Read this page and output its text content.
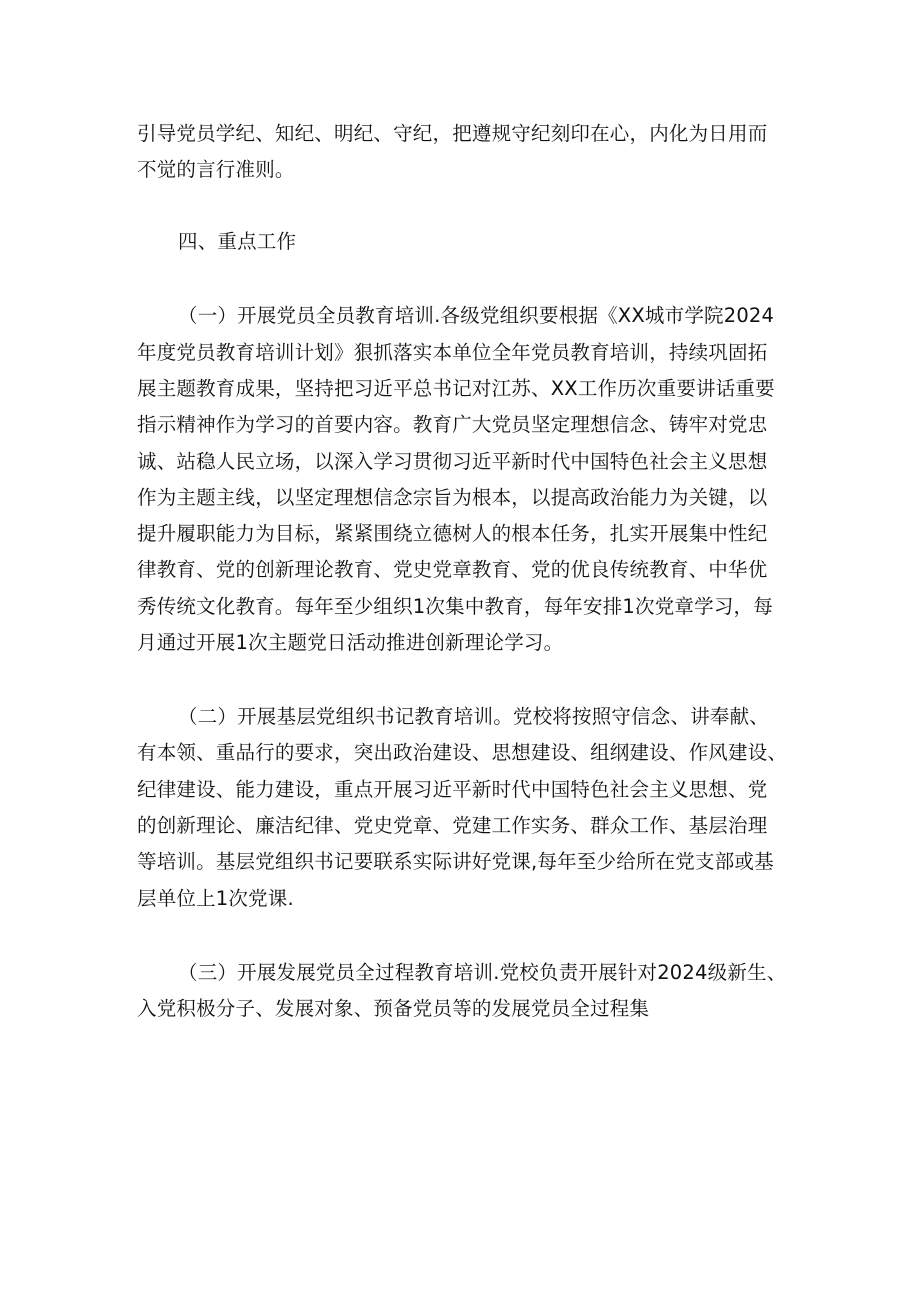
引导党员学纪、知纪、明纪、守纪，把遵规守纪刻印在心，内化为日用而
不觉的言行准则。
四、重点工作
（一）开展党员全员教育培训.各级党组织要根据《XX城市学院2024
年度党员教育培训计划》狠抓落实本单位全年党员教育培训，持续巩固拓
展主题教育成果，坚持把习近平总书记对江苏、XX工作历次重要讲话重要
指示精神作为学习的首要内容。教育广大党员坚定理想信念、铸牢对党忠
诚、站稳人民立场，以深入学习贯彻习近平新时代中国特色社会主义思想
作为主题主线，以坚定理想信念宗旨为根本，以提高政治能力为关键，以
提升履职能力为目标，紧紧围绕立德树人的根本任务，扎实开展集中性纪
律教育、党的创新理论教育、党史党章教育、党的优良传统教育、中华优
秀传统文化教育。每年至少组织1次集中教育，每年安排1次党章学习，每
月通过开展1次主题党日活动推进创新理论学习。
（二）开展基层党组织书记教育培训。党校将按照守信念、讲奉献、
有本领、重品行的要求，突出政治建设、思想建设、组纲建设、作风建设、
纪律建设、能力建设，重点开展习近平新时代中国特色社会主义思想、党
的创新理论、廉洁纪律、党史党章、党建工作实务、群众工作、基层治理
等培训。基层党组织书记要联系实际讲好党课,每年至少给所在党支部或基
层单位上1次党课.
（三）开展发展党员全过程教育培训.党校负责开展针对2024级新生、
入党积极分子、发展对象、预备党员等的发展党员全过程集
